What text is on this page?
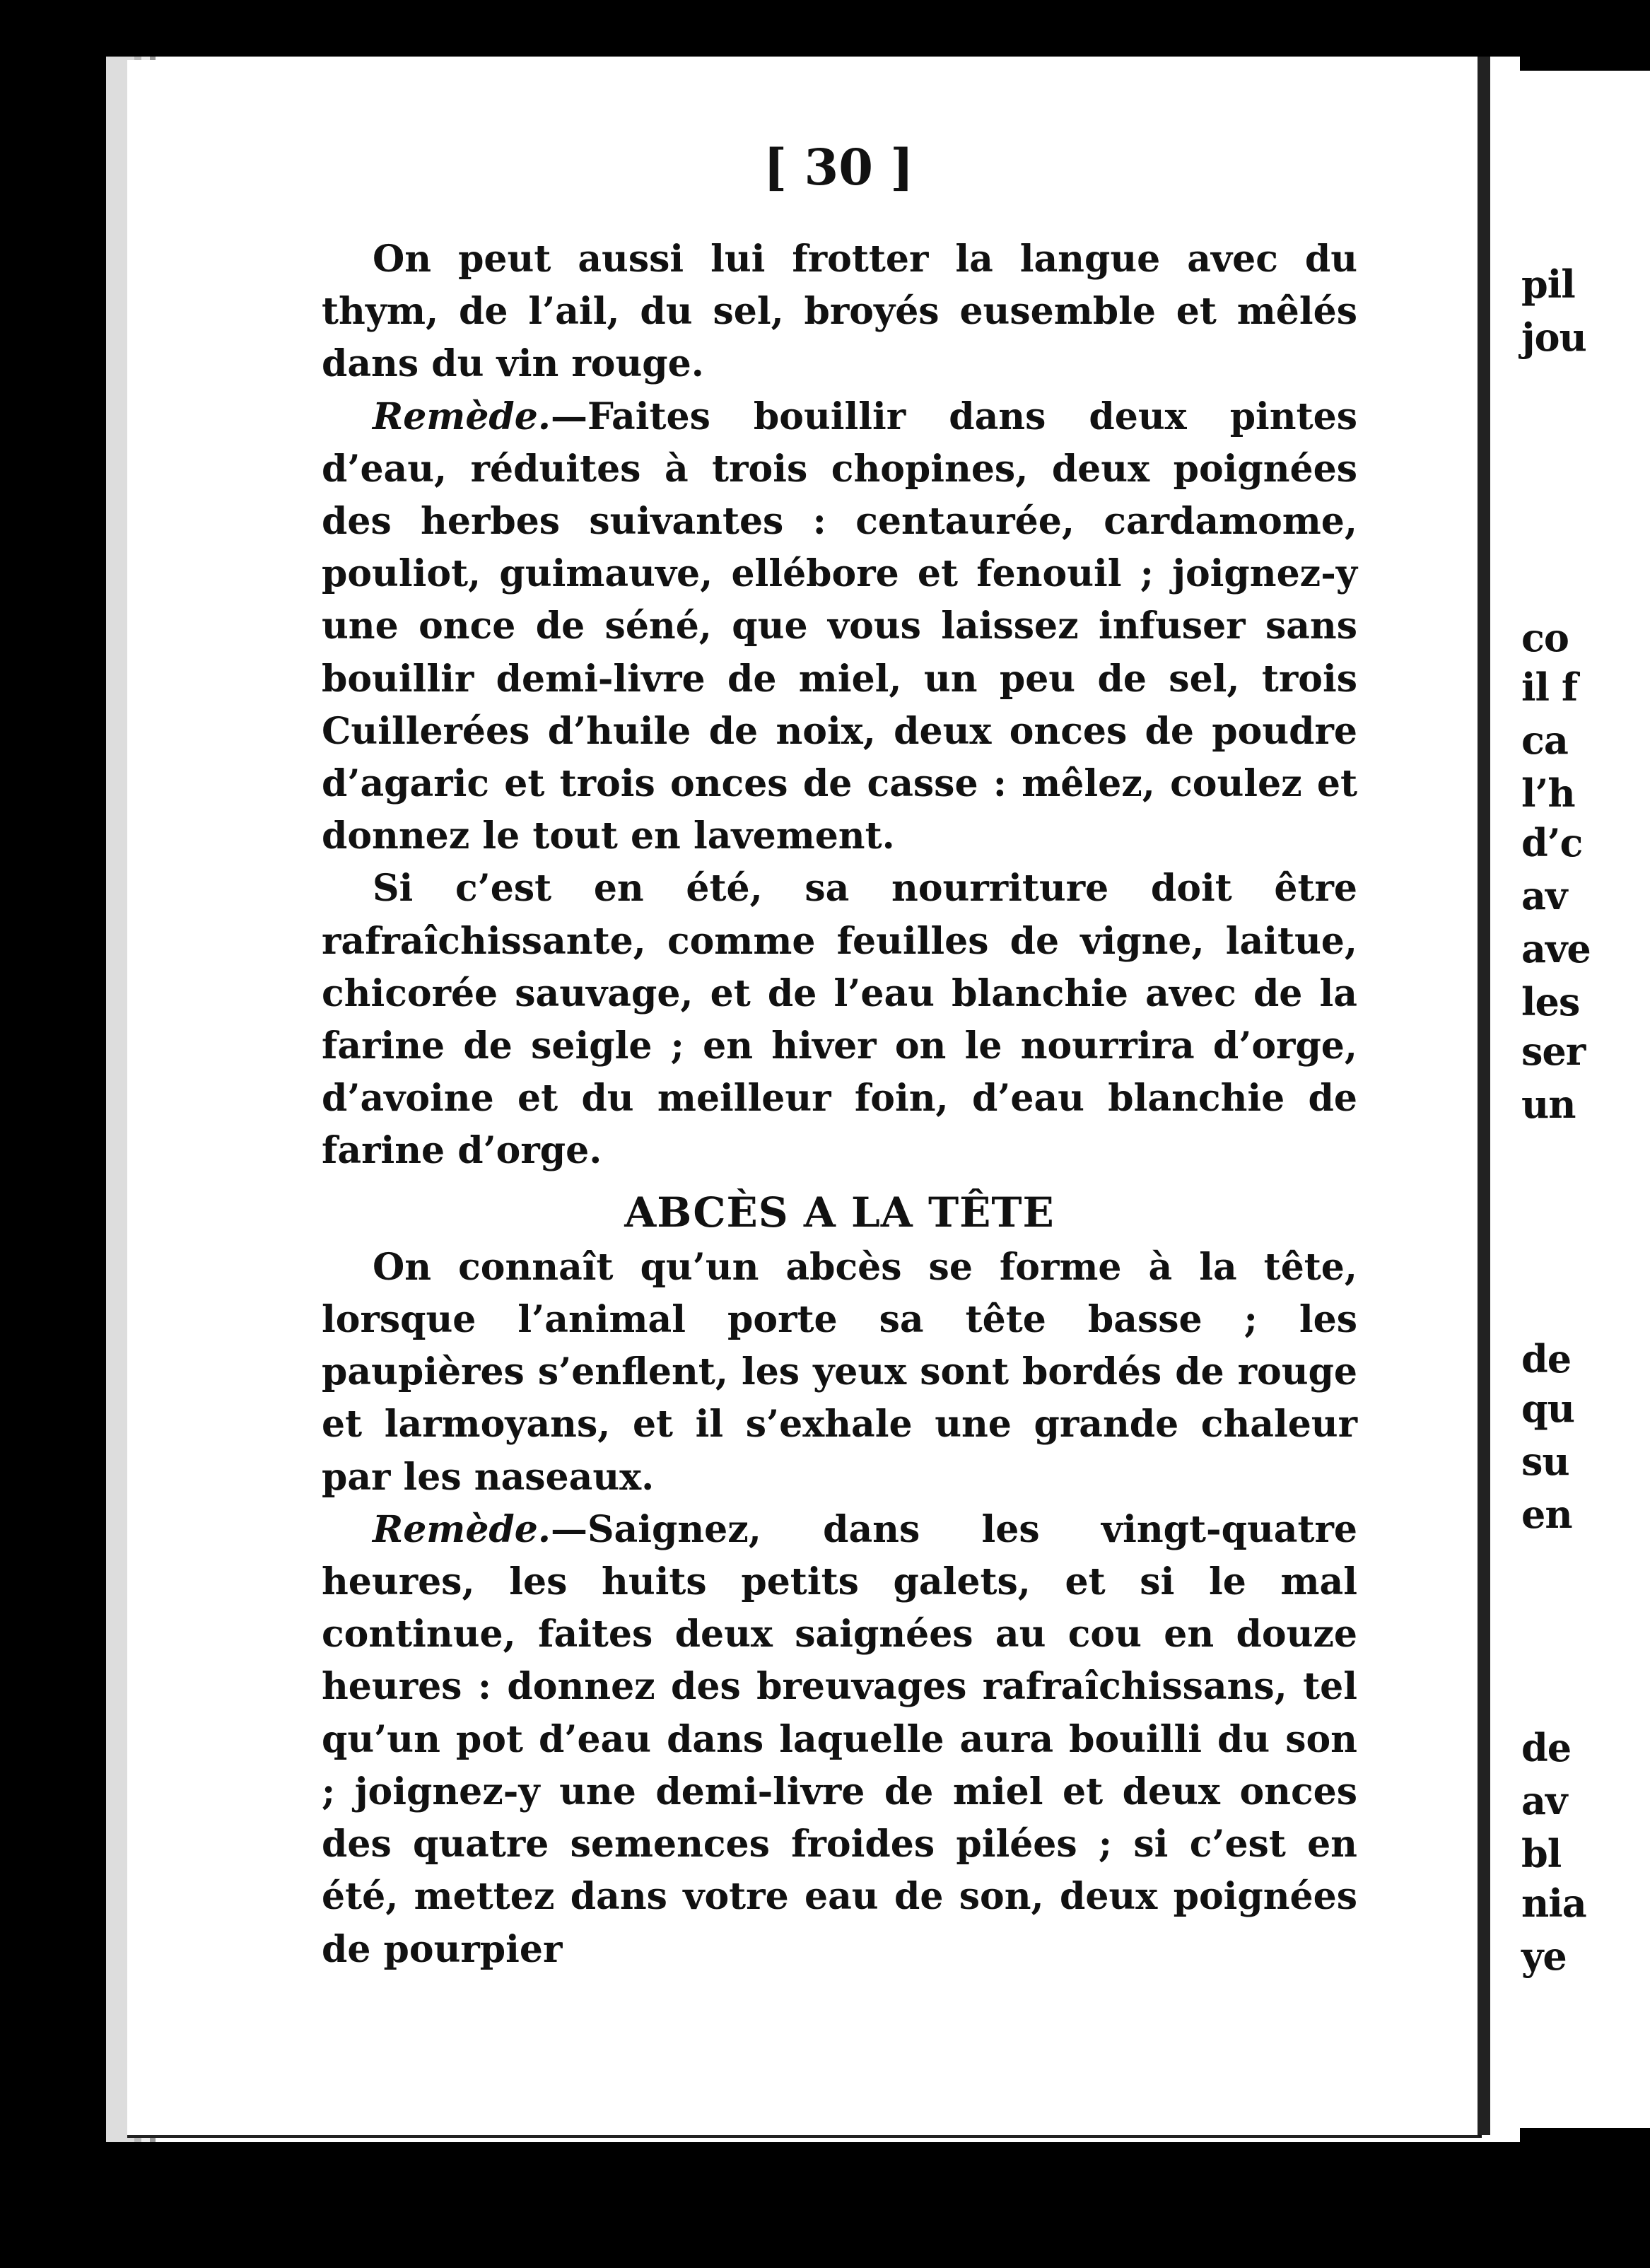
[ 30 ]

On peut aussi lui frotter la langue avec du thym, de l’ail, du sel, broyés eusemble et mêlés dans du vin rouge.

Remède.—Faites bouillir dans deux pintes d’eau, réduites à trois chopines, deux poignées des herbes suivantes : centaurée, cardamome, pouliot, guimauve, ellébore et fenouil ; joignez-y une once de séné, que vous laissez infuser sans bouillir demi-livre de miel, un peu de sel, trois Cuillerées d’huile de noix, deux onces de poudre d’agaric et trois onces de casse : mêlez, coulez et donnez le tout en lavement.

Si c’est en été, sa nourriture doit être rafraîchissante, comme feuilles de vigne, laitue, chicorée sauvage, et de l’eau blanchie avec de la farine de seigle ; en hiver on le nourrira d’orge, d’avoine et du meilleur foin, d’eau blanchie de farine d’orge.

ABCÈS A LA TÊTE

On connaît qu’un abcès se forme à la tête, lorsque l’animal porte sa tête basse ; les paupières s’enflent, les yeux sont bordés de rouge et larmoyans, et il s’exhale une grande chaleur par les naseaux.

Remède.—Saignez, dans les vingt-quatre heures, les huits petits galets, et si le mal continue, faites deux saignées au cou en douze heures : donnez des breuvages rafraîchissans, tel qu’un pot d’eau dans laquelle aura bouilli du son ; joignez-y une demi-livre de miel et deux onces des quatre semences froides pilées ; si c’est en été, mettez dans votre eau de son, deux poignées de pourpier

pil
jou
co
il f
ca
l’h
d’c
av
ave
les
ser
un
de
qu
su
en
de
av
bl
nia
ye
